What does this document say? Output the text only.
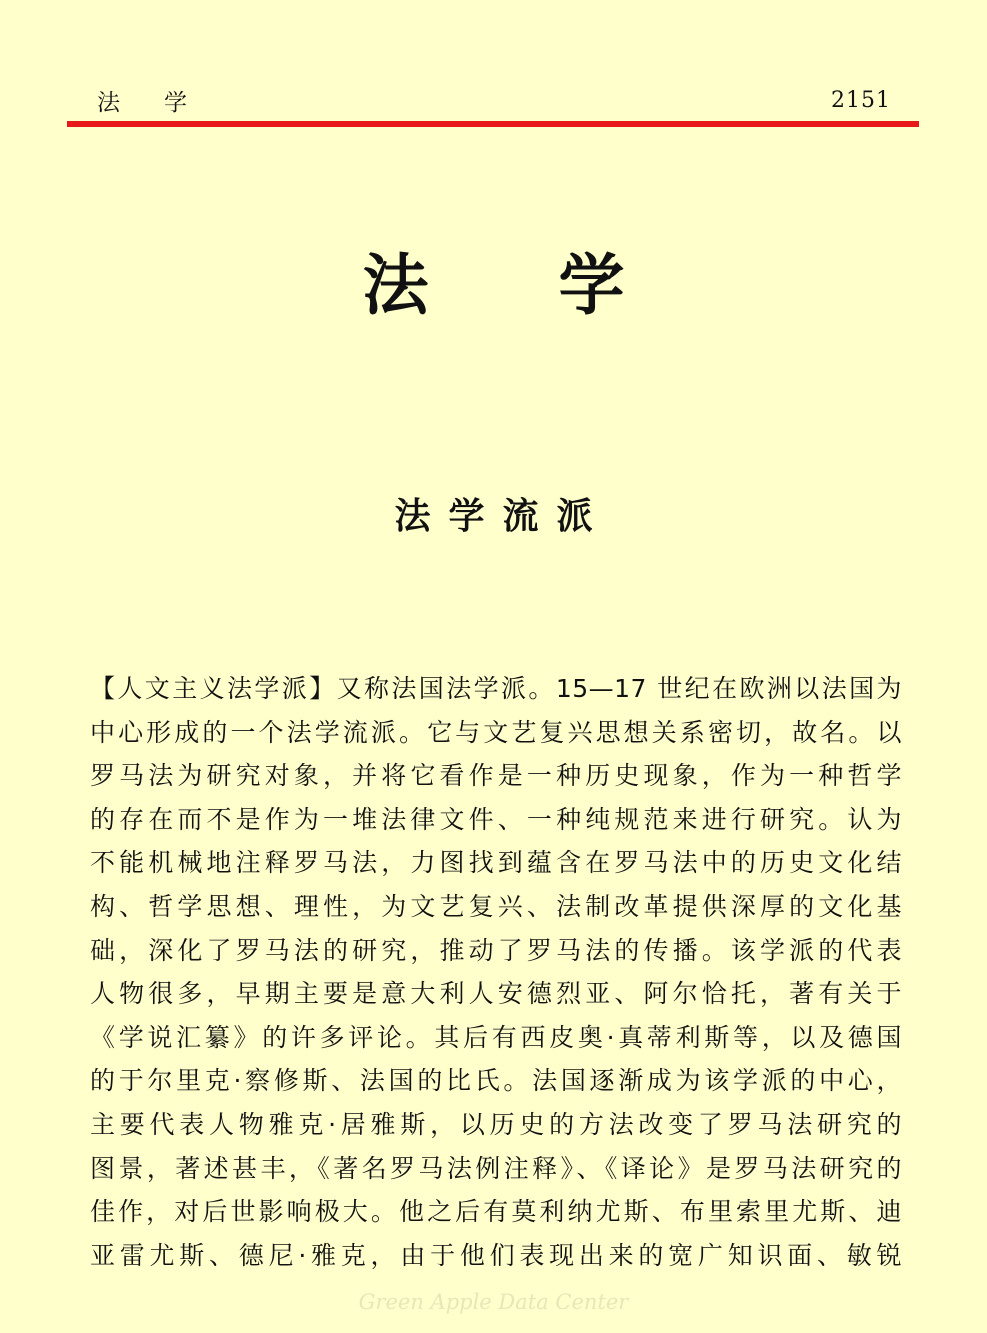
法 学	2151
法 学
法学流派
【人文主义法学派】又称法国法学派。15—17 世纪在欧洲以法国为
中心形成的一个法学流派。它与文艺复兴思想关系密切，故名。以
罗马法为研究对象，并将它看作是一种历史现象，作为一种哲学
的存在而不是作为一堆法律文件、一种纯规范来进行研究。认为
不能机械地注释罗马法，力图找到蕴含在罗马法中的历史文化结
构、哲学思想、理性，为文艺复兴、法制改革提供深厚的文化基
础，深化了罗马法的研究，推动了罗马法的传播。该学派的代表
人物很多，早期主要是意大利人安德烈亚、阿尔恰托，著有关于
《学说汇纂》的许多评论。其后有西皮奥·真蒂利斯等，以及德国
的于尔里克·察修斯、法国的比氏。法国逐渐成为该学派的中心，
主要代表人物雅克·居雅斯，以历史的方法改变了罗马法研究的
图景，著述甚丰，《著名罗马法例注释》、《译论》是罗马法研究的
佳作，对后世影响极大。他之后有莫利纳尤斯、布里索里尤斯、迪
亚雷尤斯、德尼·雅克，由于他们表现出来的宽广知识面、敏锐
Green Apple Data Center
